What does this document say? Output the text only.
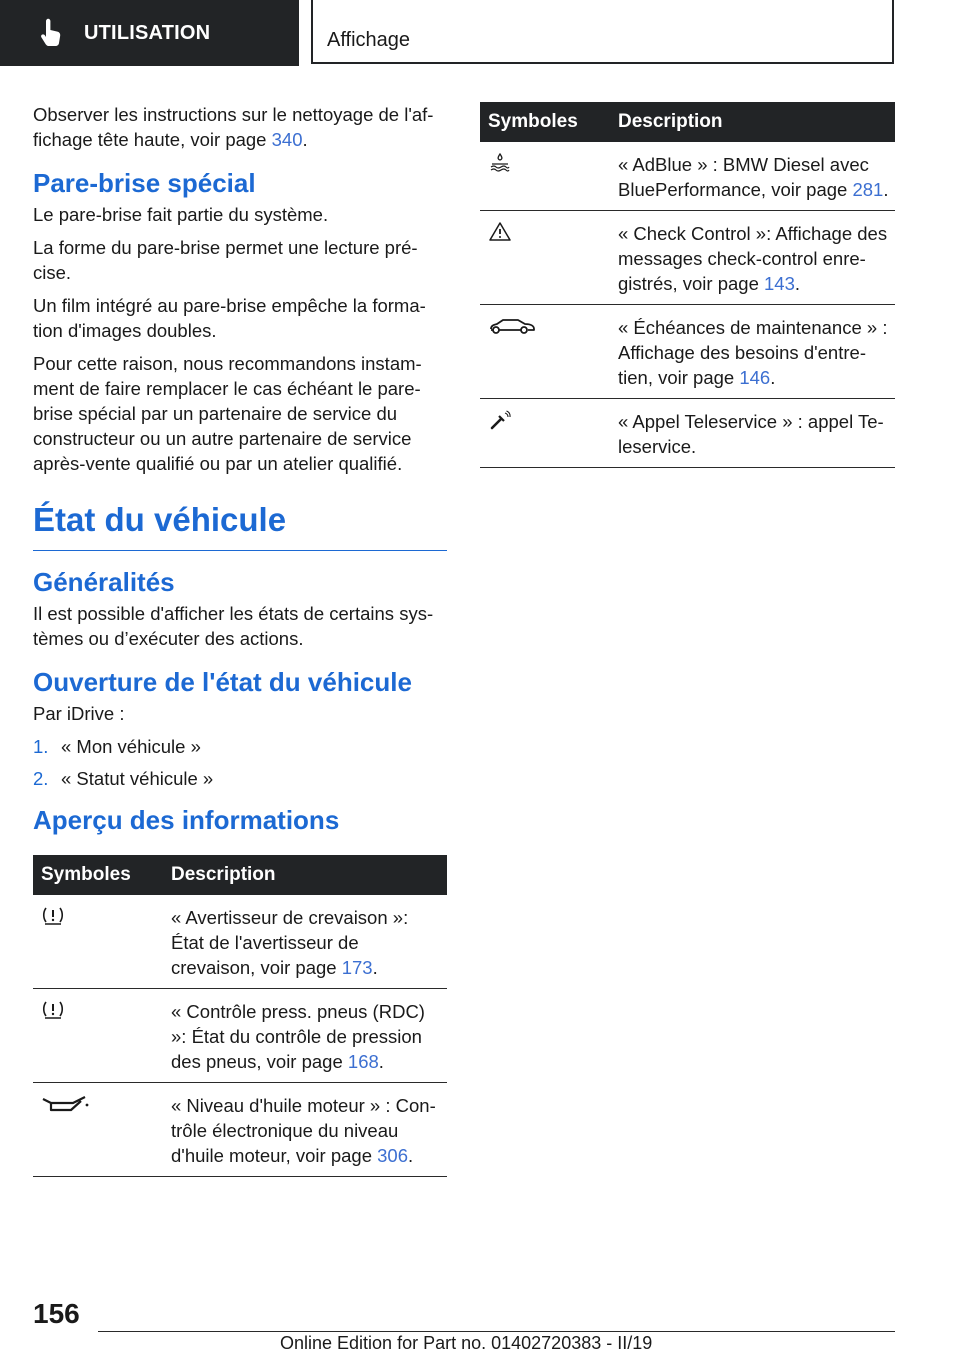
UTILISATION	Affichage

Observer les instructions sur le nettoyage de l'affichage tête haute, voir page 340.

Pare-brise spécial

Le pare-brise fait partie du système.

La forme du pare-brise permet une lecture précise.

Un film intégré au pare-brise empêche la formation d'images doubles.

Pour cette raison, nous recommandons instamment de faire remplacer le cas échéant le pare-brise spécial par un partenaire de service du constructeur ou un autre partenaire de service après-vente qualifié ou par un atelier qualifié.

État du véhicule
Généralités

Il est possible d'afficher les états de certains systèmes ou d’exécuter des actions.

Ouverture de l'état du véhicule

Par iDrive :

1. « Mon véhicule »
2. « Statut véhicule »
Aperçu des informations
Symboles	Description

	« Avertisseur de crevaison »: État de l'avertisseur de crevaison, voir page 173.

	« Contrôle press. pneus (RDC) »: État du contrôle de pression des pneus, voir page 168.

	« Niveau d'huile moteur » : Contrôle électronique du niveau d'huile moteur, voir page 306.
Symboles	Description

	« AdBlue » : BMW Diesel avec BluePerformance, voir page 281.

	« Check Control »: Affichage des messages check-control enregistrés, voir page 143.

	« Échéances de maintenance » : Affichage des besoins d'entretien, voir page 146.

	« Appel Teleservice » : appel Teleservice.
156
Online Edition for Part no. 01402720383 - II/19
